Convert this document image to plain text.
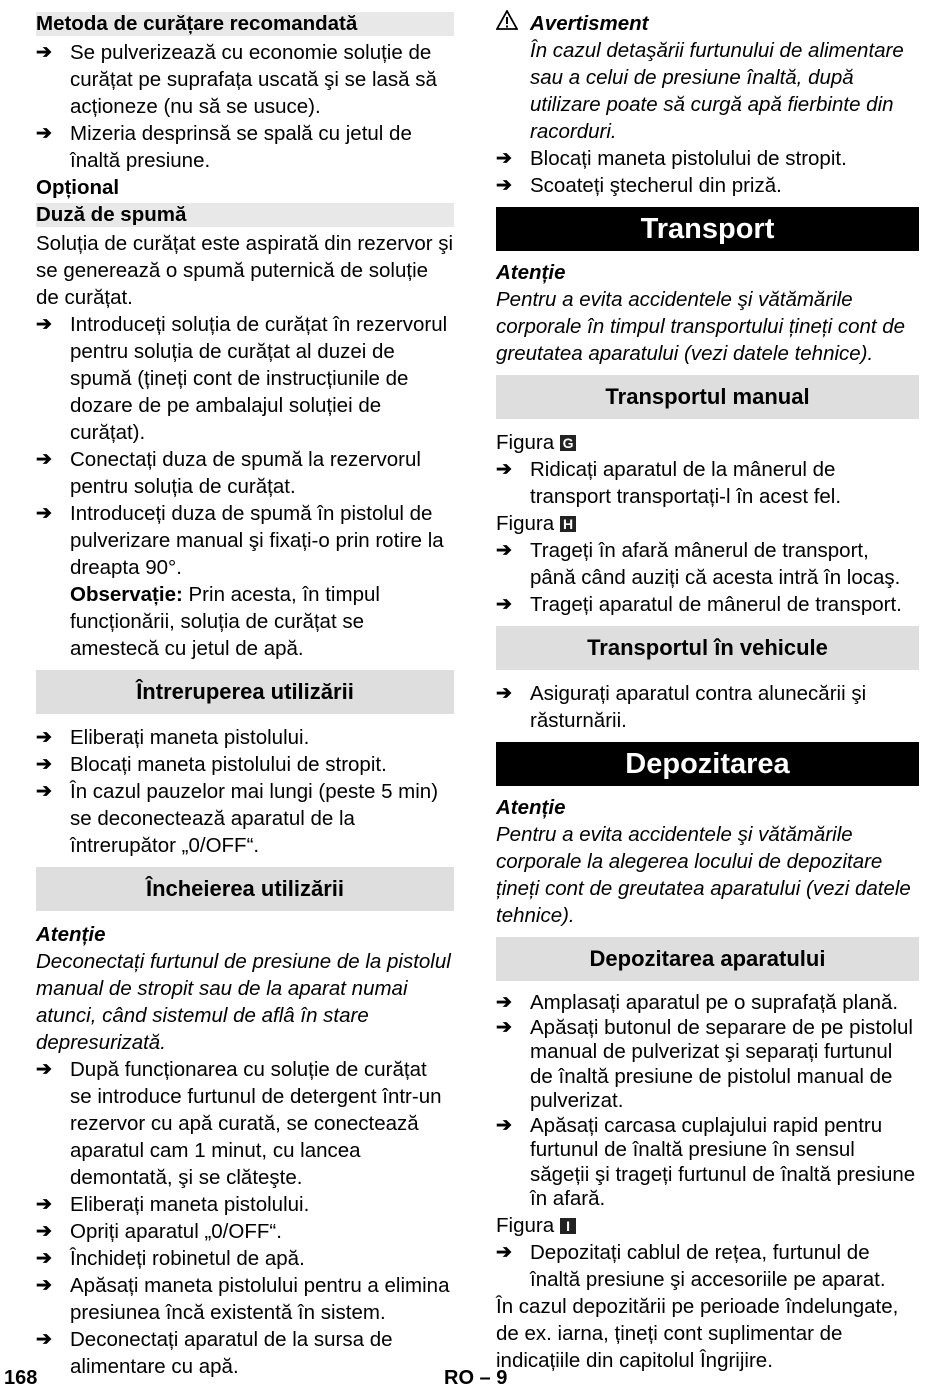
Metoda de curățare recomandată
➔ Se pulverizează cu economie soluție de curățat pe suprafața uscată şi se lasă să acționeze (nu să se usuce).
➔ Mizeria desprinsă se spală cu jetul de înaltă presiune.
Opțional
Duză de spumă
Soluția de curățat este aspirată din rezervor şi se generează o spumă puternică de soluție de curățat.
➔ Introduceți soluția de curățat în rezervorul pentru soluția de curățat al duzei de spumă (țineți cont de instrucțiunile de dozare de pe ambalajul soluției de curățat).
➔ Conectați duza de spumă la rezervorul pentru soluția de curățat.
➔ Introduceți duza de spumă în pistolul de pulverizare manual şi fixați-o prin rotire la dreapta 90°.
Observație: Prin acesta, în timpul funcționării, soluția de curățat se amestecă cu jetul de apă.
Întreruperea utilizării
➔ Eliberați maneta pistolului.
➔ Blocați maneta pistolului de stropit.
➔ În cazul pauzelor mai lungi (peste 5 min) se deconectează aparatul de la întrerupător „0/OFF“.
Încheierea utilizării
Atenție
Deconectați furtunul de presiune de la pistolul manual de stropit sau de la aparat numai atunci, când sistemul de aflâ în stare depresurizată.
➔ După funcționarea cu soluție de curățat se introduce furtunul de detergent într-un rezervor cu apă curată, se conectează aparatul cam 1 minut, cu lancea demontată, şi se clăteşte.
➔ Eliberați maneta pistolului.
➔ Opriți aparatul „0/OFF“.
➔ Închideți robinetul de apă.
➔ Apăsați maneta pistolului pentru a elimina presiunea încă existentă în sistem.
➔ Deconectați aparatul de la sursa de alimentare cu apă.
Avertisment
În cazul detaşării furtunului de alimentare sau a celui de presiune înaltă, după utilizare poate să curgă apă fierbinte din racorduri.
➔ Blocați maneta pistolului de stropit.
➔ Scoateți ştecherul din priză.
Transport
Atenție
Pentru a evita accidentele şi vătămările corporale în timpul transportului țineți cont de greutatea aparatului (vezi datele tehnice).
Transportul manual
Figura G
➔ Ridicați aparatul de la mânerul de transport transportați-l în acest fel.
Figura H
➔ Trageți în afară mânerul de transport, până când auziți că acesta intră în locaş.
➔ Trageți aparatul de mânerul de transport.
Transportul în vehicule
➔ Asigurați aparatul contra alunecării şi răsturnării.
Depozitarea
Atenție
Pentru a evita accidentele şi vătămările corporale la alegerea locului de depozitare țineți cont de greutatea aparatului (vezi datele tehnice).
Depozitarea aparatului
➔ Amplasați aparatul pe o suprafață plană.
➔ Apăsați butonul de separare de pe pistolul manual de pulverizat şi separați furtunul de înaltă presiune de pistolul manual de pulverizat.
➔ Apăsați carcasa cuplajului rapid pentru furtunul de înaltă presiune în sensul săgeții şi trageți furtunul de înaltă presiune în afară.
Figura I
➔ Depozitați cablul de rețea, furtunul de înaltă presiune şi accesoriile pe aparat.
În cazul depozitării pe perioade îndelungate, de ex. iarna, țineți cont suplimentar de indicațiile din capitolul Îngrijire.
168	RO – 9
